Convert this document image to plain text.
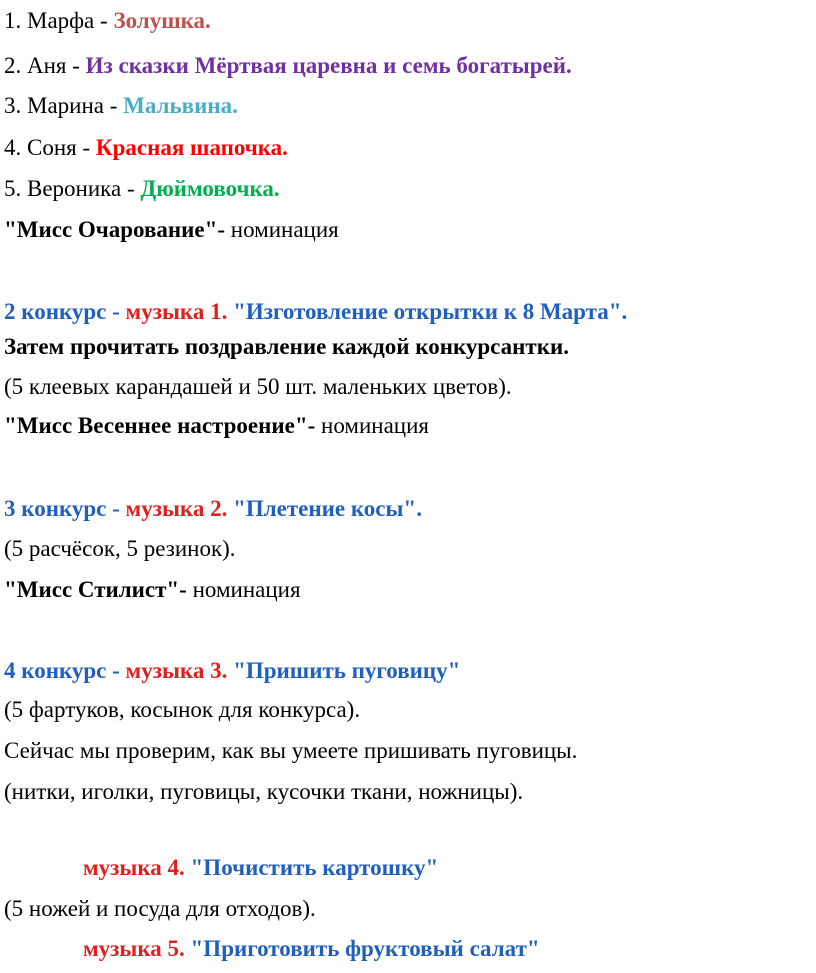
1. Марфа - Золушка.
2. Аня - Из сказки Мёртвая царевна и семь богатырей.
3. Марина - Мальвина.
4. Соня - Красная шапочка.
5. Вероника - Дюймовочка.
"Мисс Очарование"- номинация
2 конкурс - музыка 1. "Изготовление открытки к 8 Марта".
Затем прочитать поздравление каждой конкурсантки.
(5 клеевых карандашей и 50 шт. маленьких цветов).
"Мисс Весеннее настроение"- номинация
3 конкурс - музыка 2. "Плетение косы".
(5 расчёсок, 5 резинок).
"Мисс Стилист"- номинация
4 конкурс - музыка 3. "Пришить пуговицу"
(5 фартуков, косынок для конкурса).
Сейчас мы проверим, как вы умеете пришивать пуговицы.
(нитки, иголки, пуговицы, кусочки ткани, ножницы).
музыка 4. "Почистить картошку"
(5 ножей и посуда для отходов).
музыка 5. "Приготовить фруктовый салат"
